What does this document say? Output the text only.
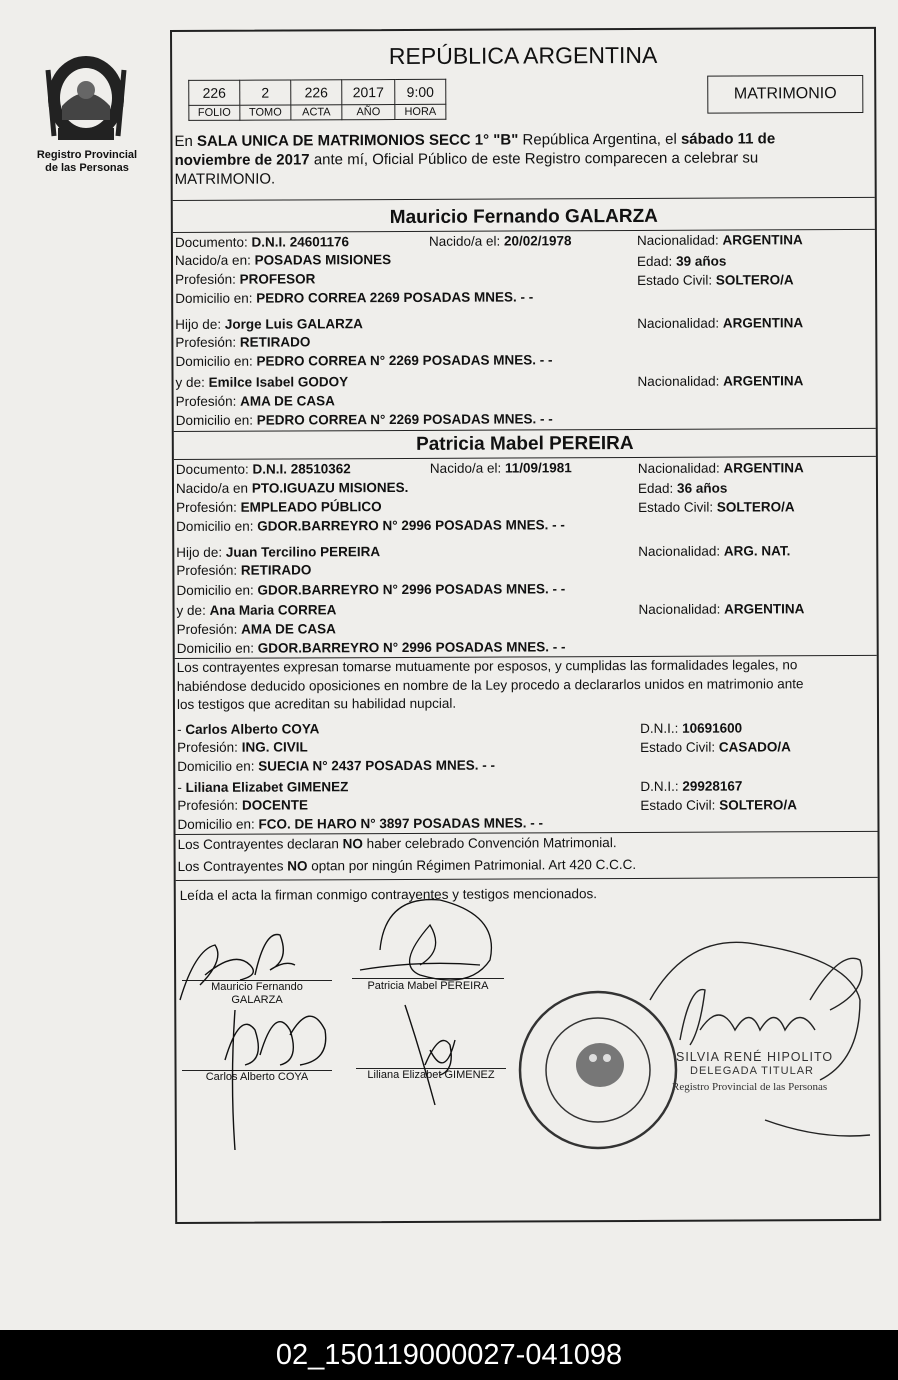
Registro Provincial
de las Personas
REPÚBLICA ARGENTINA
226	2	226	2017	9:00
FOLIO	TOMO	ACTA	AÑO	HORA
MATRIMONIO
En SALA UNICA DE MATRIMONIOS SECC 1° "B" República Argentina, el sábado 11 de
noviembre de 2017 ante mí, Oficial Público de este Registro comparecen a celebrar su
MATRIMONIO.
Mauricio Fernando GALARZA
Documento: D.N.I. 24601176	Nacido/a el: 20/02/1978	Nacionalidad: ARGENTINA
Nacido/a en: POSADAS MISIONES	Edad: 39 años
Profesión: PROFESOR	Estado Civil: SOLTERO/A
Domicilio en: PEDRO CORREA 2269 POSADAS MNES. - -
Hijo de: Jorge Luis GALARZA	Nacionalidad: ARGENTINA
Profesión: RETIRADO
Domicilio en: PEDRO CORREA N° 2269 POSADAS MNES. - -
y de: Emilce Isabel GODOY	Nacionalidad: ARGENTINA
Profesión: AMA DE CASA
Domicilio en: PEDRO CORREA N° 2269 POSADAS MNES. - -
Patricia Mabel PEREIRA
Documento: D.N.I. 28510362	Nacido/a el: 11/09/1981	Nacionalidad: ARGENTINA
Nacido/a en PTO.IGUAZU MISIONES.	Edad: 36 años
Profesión: EMPLEADO PÚBLICO	Estado Civil: SOLTERO/A
Domicilio en: GDOR.BARREYRO N° 2996 POSADAS MNES. - -
Hijo de: Juan Tercilino PEREIRA	Nacionalidad: ARG. NAT.
Profesión: RETIRADO
Domicilio en: GDOR.BARREYRO N° 2996 POSADAS MNES. - -
y de: Ana Maria CORREA	Nacionalidad: ARGENTINA
Profesión: AMA DE CASA
Domicilio en: GDOR.BARREYRO N° 2996 POSADAS MNES. - -
Los contrayentes expresan tomarse mutuamente por esposos, y cumplidas las formalidades legales, no
habiéndose deducido oposiciones en nombre de la Ley procedo a declararlos unidos en matrimonio ante
los testigos que acreditan su habilidad nupcial.
- Carlos Alberto COYA	D.N.I.: 10691600
Profesión: ING. CIVIL	Estado Civil: CASADO/A
Domicilio en: SUECIA N° 2437 POSADAS MNES. - -
- Liliana Elizabet GIMENEZ	D.N.I.: 29928167
Profesión: DOCENTE	Estado Civil: SOLTERO/A
Domicilio en: FCO. DE HARO N° 3897 POSADAS MNES. - -
Los Contrayentes declaran NO haber celebrado Convención Matrimonial.
Los Contrayentes NO optan por ningún Régimen Patrimonial. Art 420 C.C.C.
Leída el acta la firman conmigo contrayentes y testigos mencionados.
Mauricio Fernando
GALARZA
Patricia Mabel PEREIRA
Carlos Alberto COYA	Liliana Elizabet GIMENEZ
SILVIA RENÉ HIPOLITO
DELEGADA TITULAR
Registro Provincial de las Personas
02_150119000027-041098
